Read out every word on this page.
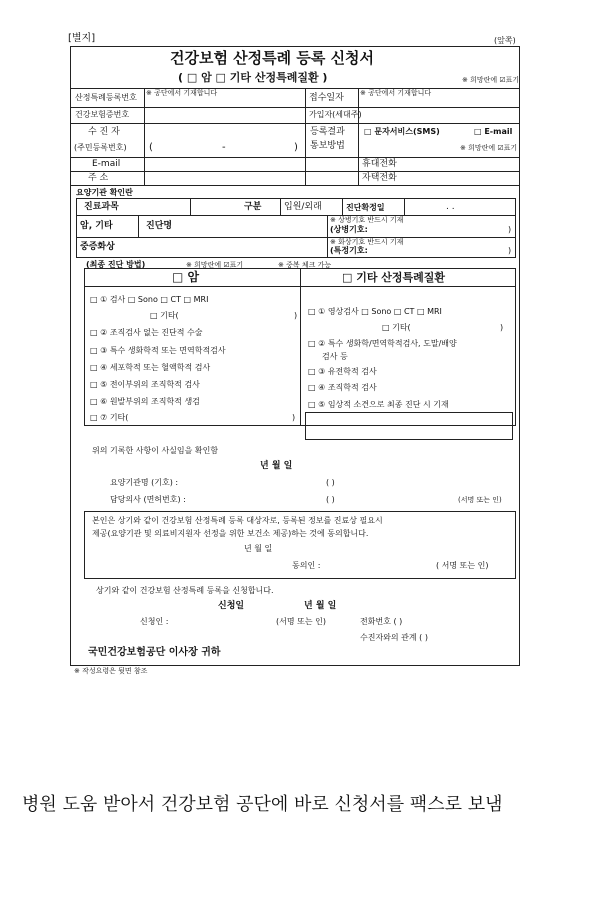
[별지]	(앞쪽)
건강보험 산정특례 등록 신청서
( □ 암 □ 기타 산정특례질환 )	※ 희망란에 ☑표기
산정특례등록번호 ※ 공단에서 기재합니다	접수일자 ※ 공단에서 기재합니다
건강보험증번호	가입자(세대주)
수 진 자
(주민등록번호) (	-	)
등록결과
통보방법
□ 문자서비스(SMS)	□ E-mail
※ 희망란에 ☑표기
E-mail	휴대전화
주 소	자택전화
요양기관 확인란
진료과목	구분	입원/외래	진단확정일	. .
암, 기타	진단명
※ 상병기호 반드시 기재
(상병기호:	)
중증화상	※ 화상기호 반드시 기재
(특정기호:	)
(최종 진단 방법)	※ 희망란에 ☑표기	※ 중복 체크 가능
□ 암	□ 기타 산정특례질환
□ ① 검사 □ Sono □ CT □ MRI
□ 기타(	)
□ ② 조직검사 없는 진단적 수술
□ ③ 특수 생화학적 또는 면역학적검사
□ ④ 세포학적 또는 혈액학적 검사
□ ⑤ 전이부위의 조직학적 검사
□ ⑥ 원발부위의 조직학적 생검
□ ⑦ 기타(	)
□ ① 영상검사 □ Sono □ CT □ MRI
□ 기타(	)
□ ② 특수 생화학/면역학적검사, 도말/배양
검사 등
□ ③ 유전학적 검사
□ ④ 조직학적 검사
□ ⑤ 임상적 소견으로 최종 진단 시 기재
위의 기록한 사항이 사실임을 확인함
년 월 일
요양기관명 (기호) :	( )
담당의사 (면허번호) :	( )	(서명 또는 인)
본인은 상기와 같이 건강보험 산정특례 등록 대상자로, 등록된 정보를 진료상 필요시
제공(요양기관 및 의료비지원자 선정을 위한 보건소 제공)하는 것에 동의합니다.
년 월 일
동의인 :	( 서명 또는 인)
상기와 같이 건강보험 산정특례 등록을 신청합니다.
신청일	년 월 일
신청인 :	(서명 또는 인)	전화번호 ( )
수진자와의 관계 ( )
국민건강보험공단 이사장 귀하
※ 작성요령은 뒷면 참조
병원 도움 받아서 건강보험 공단에 바로 신청서를 팩스로 보냄
